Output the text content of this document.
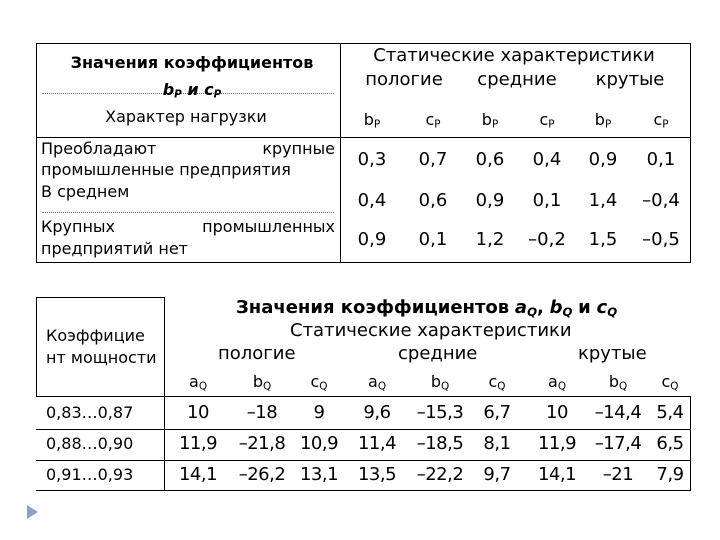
Значения коэффициентов
$b_P$ и $c_P$
Характер нагрузки
Статические характеристики
пологие средние крутые
$b_P$	$c_P$	$b_P$	$c_P$	$b_P$	$c_P$
Преобладают	крупные
промышленные предприятия	0,3 0,7 0,6 0,4 0,9 0,1
В среднем	0,4 0,6 0,9 0,1 1,4 –0,4
Крупных	промышленных
предприятий нет	0,9 0,1 1,2 –0,2 1,5 –0,5
Значения коэффициентов $a_Q$, $b_Q$ и $c_Q$
Статические характеристики
пологие	средние	крутые
Коэффицие
нт мощности
$a_Q$	$b_Q$ $c_Q$	$a_Q$	$b_Q$ $c_Q$	$a_Q$	$b_Q$ $c_Q$
0,83…0,87	10 –18 9 9,6 –15,3 6,7 10 –14,4 5,4
0,88…0,90	11,9 –21,8 10,9 11,4 –18,5 8,1 11,9 –17,4 6,5
0,91…0,93	14,1 –26,2 13,1 13,5 –22,2 9,7 14,1 –21 7,9
